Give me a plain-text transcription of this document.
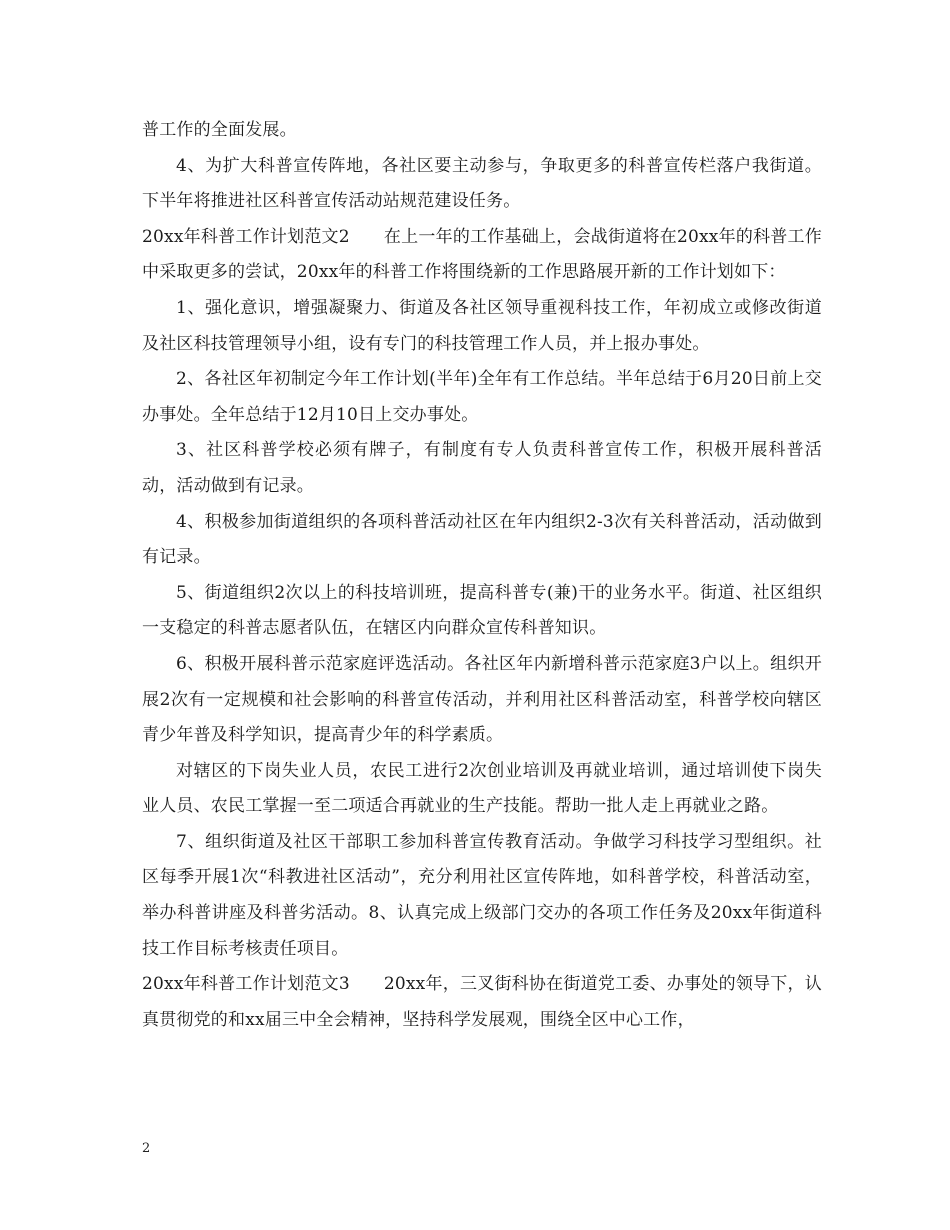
普工作的全面发展。

4、为扩大科普宣传阵地，各社区要主动参与，争取更多的科普宣传栏落户我街道。下半年将推进社区科普宣传活动站规范建设任务。

20xx年科普工作计划范文2 在上一年的工作基础上，会战街道将在20xx年的科普工作中采取更多的尝试，20xx年的科普工作将围绕新的工作思路展开新的工作计划如下：

1、强化意识，增强凝聚力、街道及各社区领导重视科技工作，年初成立或修改街道及社区科技管理领导小组，设有专门的科技管理工作人员，并上报办事处。

2、各社区年初制定今年工作计划(半年)全年有工作总结。半年总结于6月20日前上交办事处。全年总结于12月10日上交办事处。

3、社区科普学校必须有牌子，有制度有专人负责科普宣传工作，积极开展科普活动，活动做到有记录。

4、积极参加街道组织的各项科普活动社区在年内组织2-3次有关科普活动，活动做到有记录。

5、街道组织2次以上的科技培训班，提高科普专(兼)干的业务水平。街道、社区组织一支稳定的科普志愿者队伍，在辖区内向群众宣传科普知识。

6、积极开展科普示范家庭评选活动。各社区年内新增科普示范家庭3户以上。组织开展2次有一定规模和社会影响的科普宣传活动，并利用社区科普活动室，科普学校向辖区青少年普及科学知识，提高青少年的科学素质。

对辖区的下岗失业人员，农民工进行2次创业培训及再就业培训，通过培训使下岗失业人员、农民工掌握一至二项适合再就业的生产技能。帮助一批人走上再就业之路。

7、组织街道及社区干部职工参加科普宣传教育活动。争做学习科技学习型组织。社区每季开展1次“科教进社区活动”，充分利用社区宣传阵地，如科普学校，科普活动室，举办科普讲座及科普劣活动。8、认真完成上级部门交办的各项工作任务及20xx年街道科技工作目标考核责任项目。

20xx年科普工作计划范文3 20xx年，三叉街科协在街道党工委、办事处的领导下，认真贯彻党的和xx届三中全会精神，坚持科学发展观，围绕全区中心工作，

2
